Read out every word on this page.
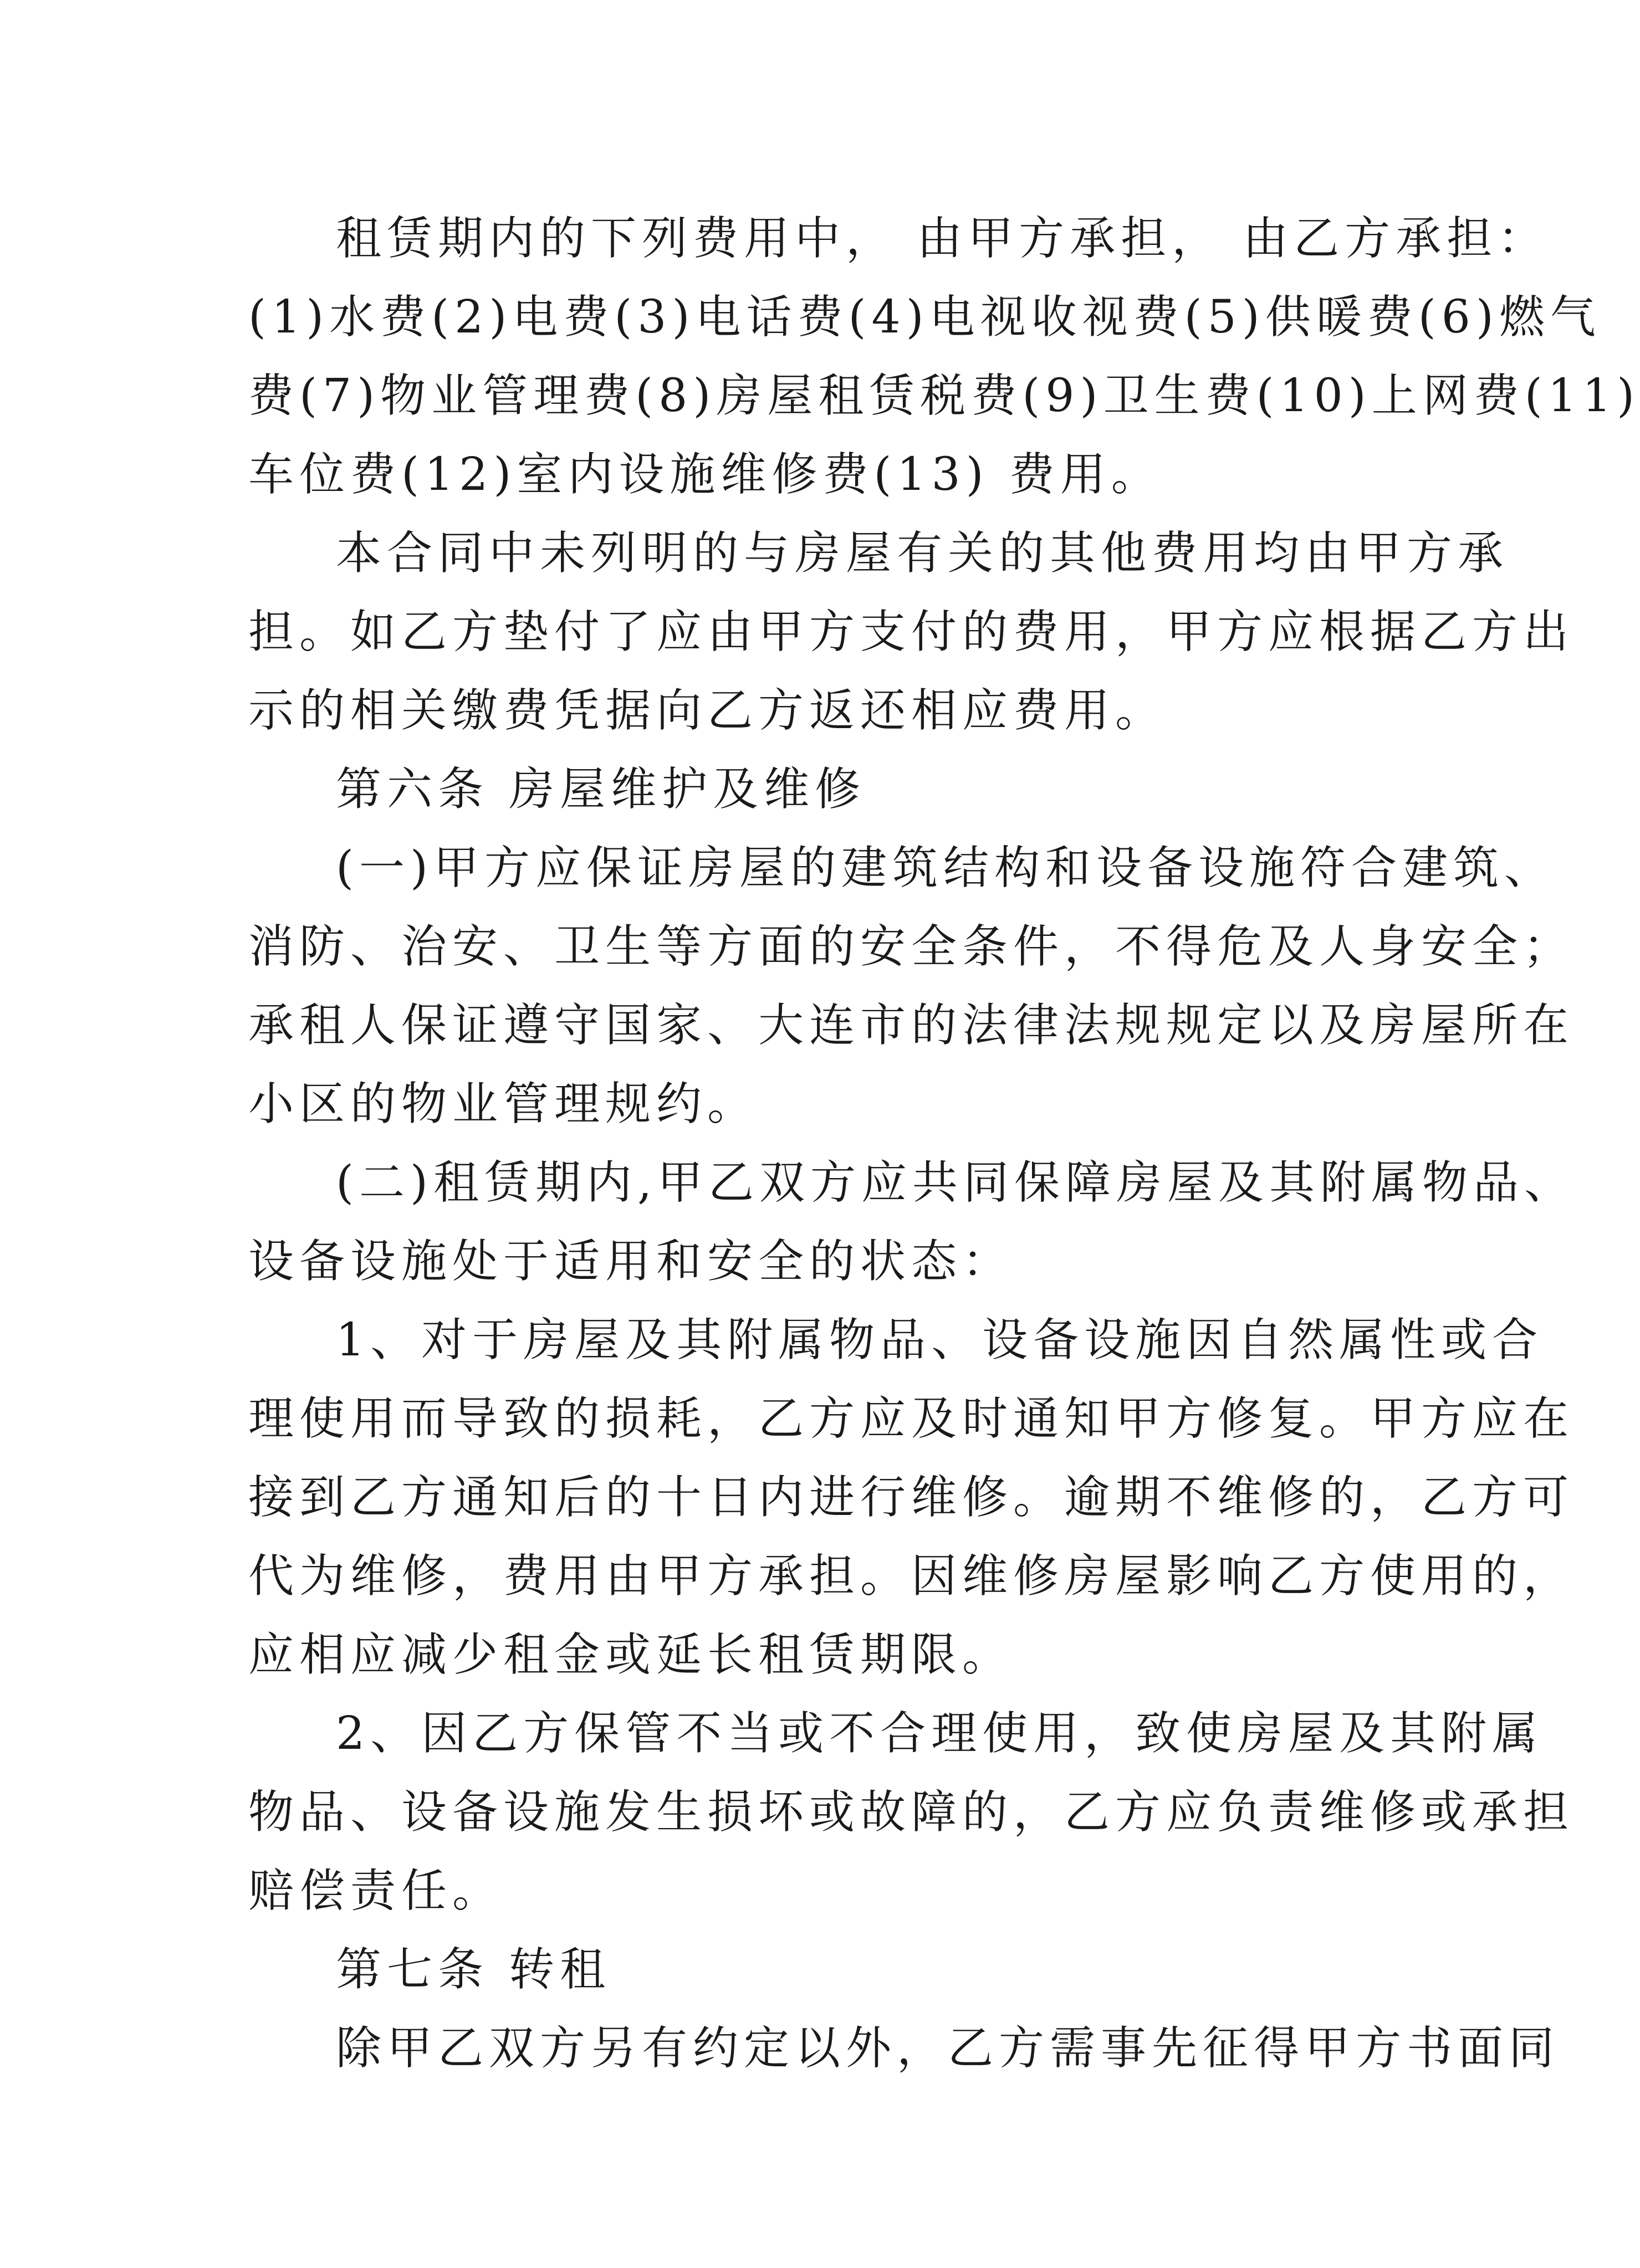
租赁期内的下列费用中， 由甲方承担， 由乙方承担：
(1)水费(2)电费(3)电话费(4)电视收视费(5)供暖费(6)燃气
费(7)物业管理费(8)房屋租赁税费(9)卫生费(10)上网费(11)
车位费(12)室内设施维修费(13) 费用。
本合同中未列明的与房屋有关的其他费用均由甲方承
担。如乙方垫付了应由甲方支付的费用，甲方应根据乙方出
示的相关缴费凭据向乙方返还相应费用。
第六条 房屋维护及维修
(一)甲方应保证房屋的建筑结构和设备设施符合建筑、
消防、治安、卫生等方面的安全条件，不得危及人身安全；
承租人保证遵守国家、大连市的法律法规规定以及房屋所在
小区的物业管理规约。
(二)租赁期内,甲乙双方应共同保障房屋及其附属物品、
设备设施处于适用和安全的状态：
1、对于房屋及其附属物品、设备设施因自然属性或合
理使用而导致的损耗，乙方应及时通知甲方修复。甲方应在
接到乙方通知后的十日内进行维修。逾期不维修的，乙方可
代为维修，费用由甲方承担。因维修房屋影响乙方使用的，
应相应减少租金或延长租赁期限。
2、因乙方保管不当或不合理使用，致使房屋及其附属
物品、设备设施发生损坏或故障的，乙方应负责维修或承担
赔偿责任。
第七条 转租
除甲乙双方另有约定以外，乙方需事先征得甲方书面同
